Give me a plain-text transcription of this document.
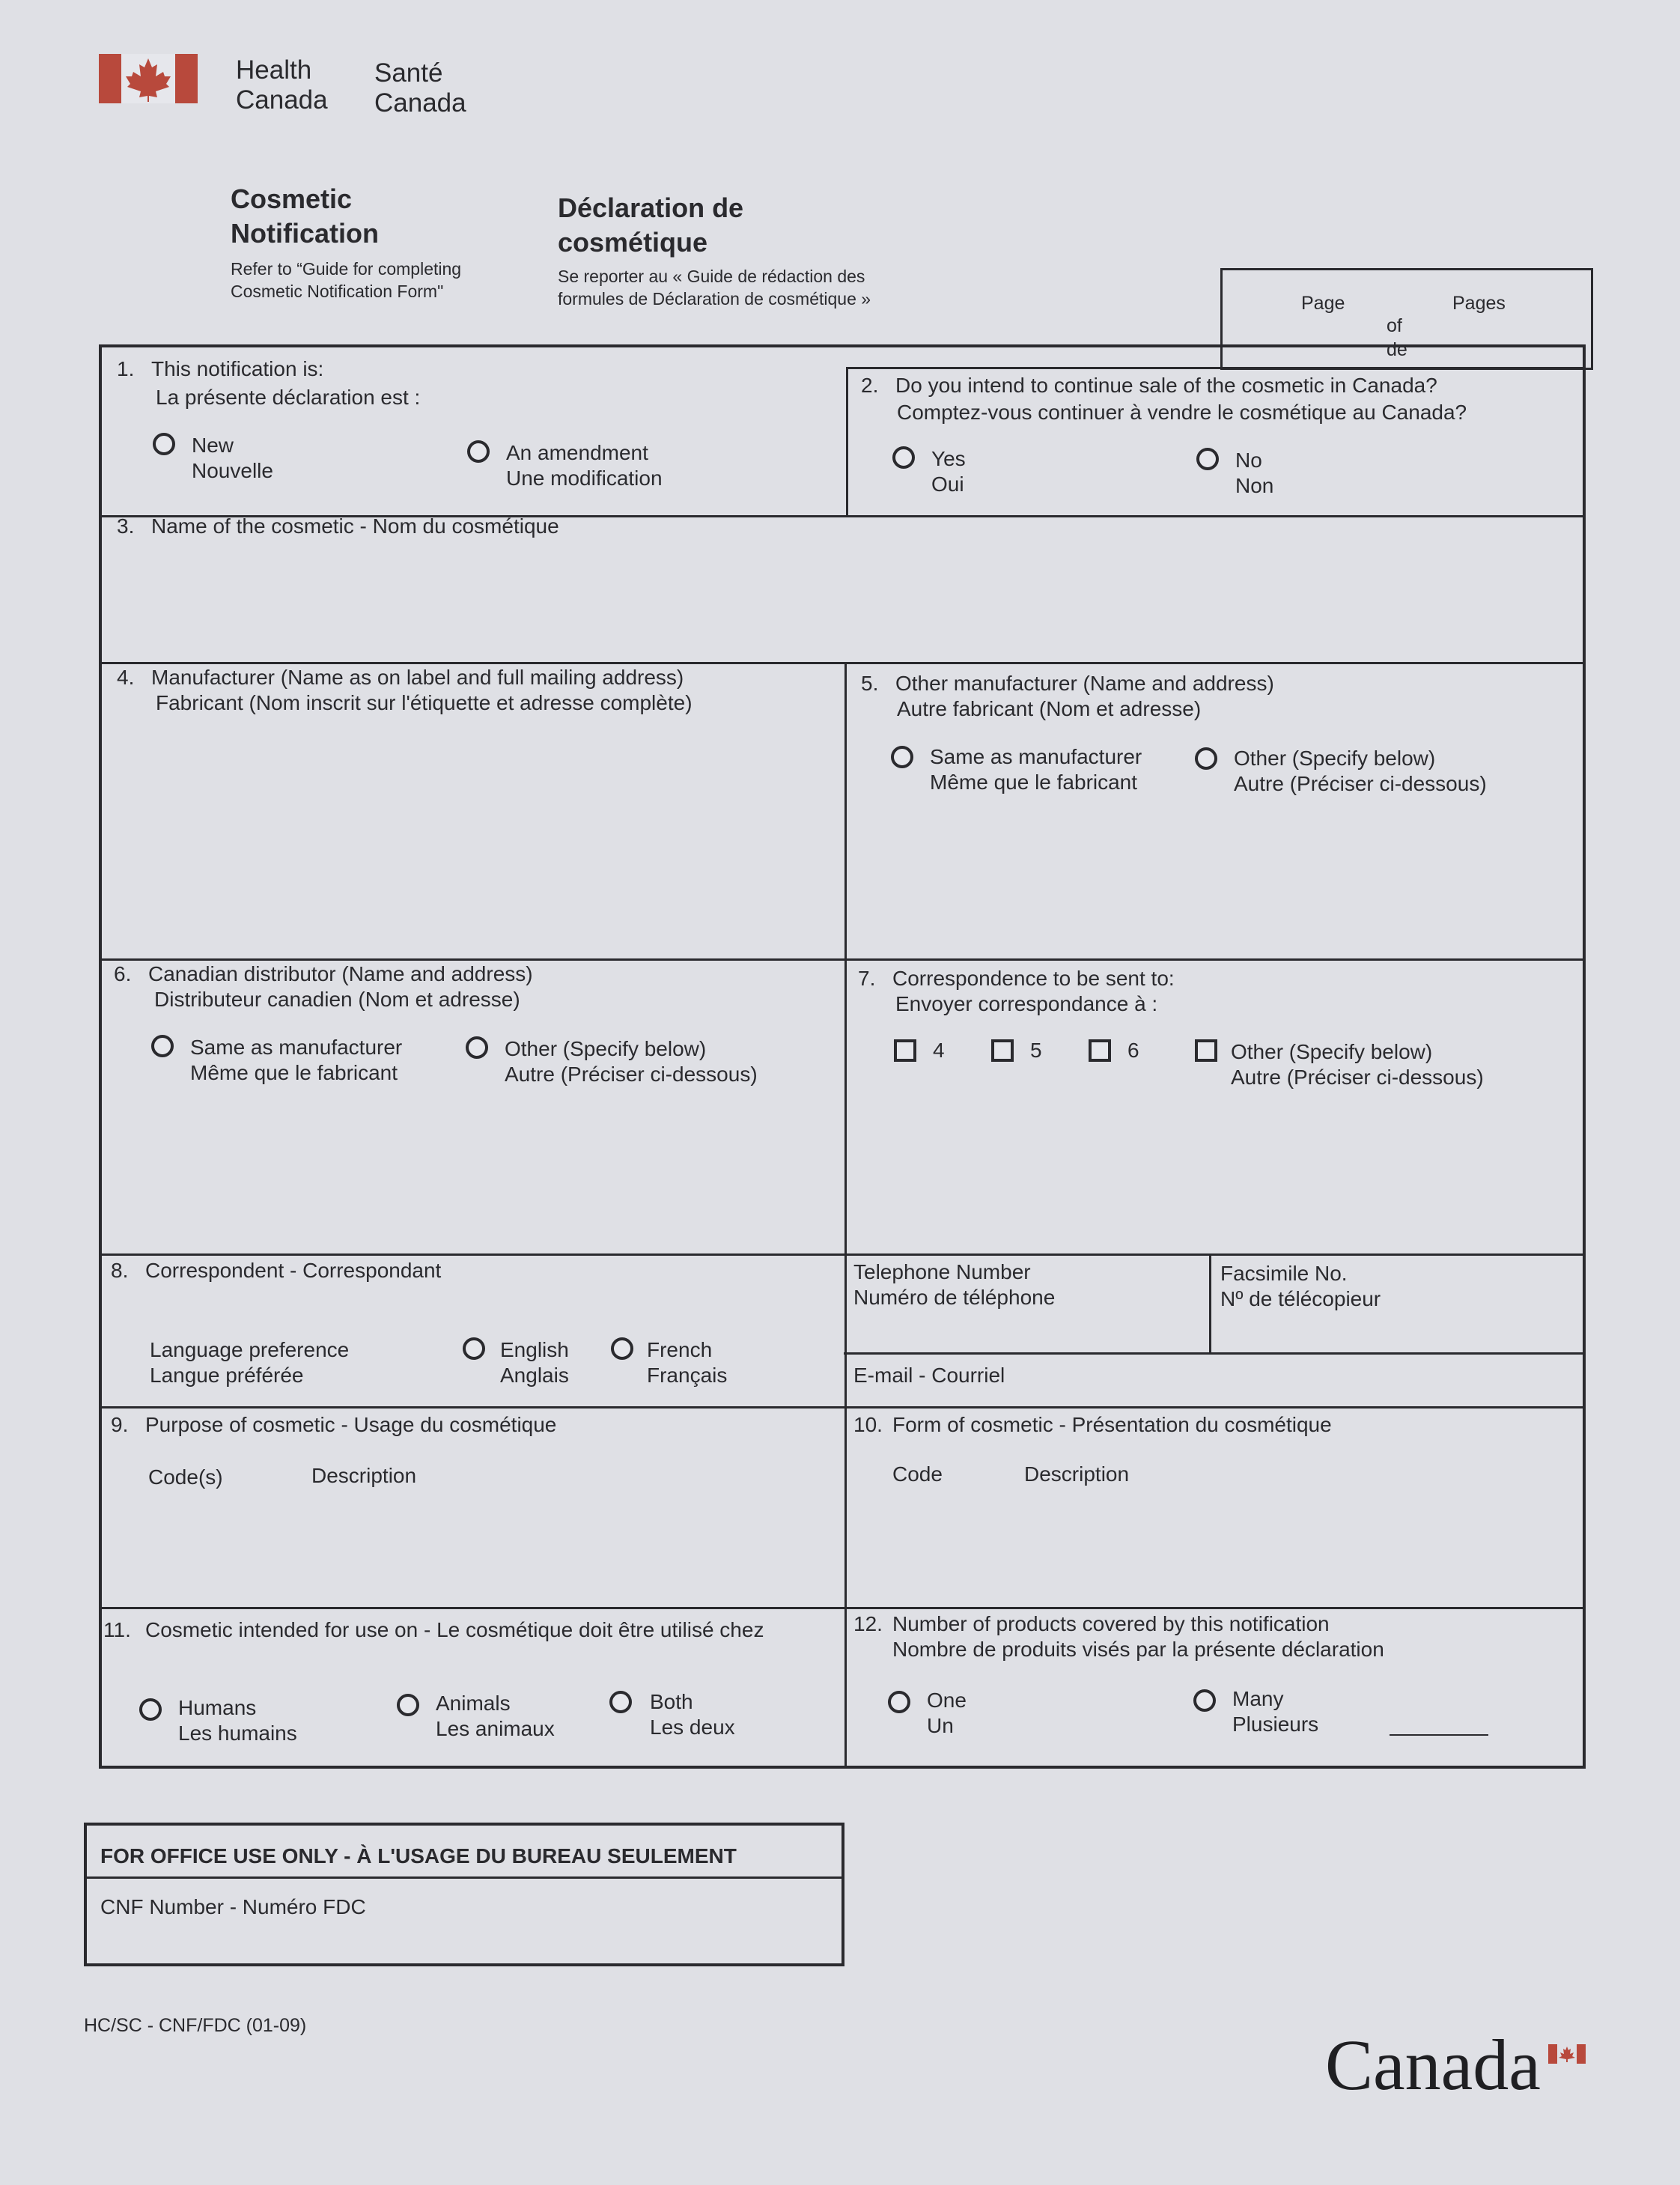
Health
Canada
Santé
Canada
Cosmetic
Notification
Refer to “Guide for completing
Cosmetic Notification Form"
Déclaration de
cosmétique
Se reporter au « Guide de rédaction des
formules de Déclaration de cosmétique »	Page	Pages
of
de
1. This notification is:
La présente déclaration est :
New
Nouvelle
An amendment
Une modification
2. Do you intend to continue sale of the cosmetic in Canada?
Comptez-vous continuer à vendre le cosmétique au Canada?
Yes
Oui
No
Non
3. Name of the cosmetic - Nom du cosmétique
4. Manufacturer (Name as on label and full mailing address)
Fabricant (Nom inscrit sur l'étiquette et adresse complète)
5. Other manufacturer (Name and address)
Autre fabricant (Nom et adresse)
Same as manufacturer
Même que le fabricant
Other (Specify below)
Autre (Préciser ci-dessous)
6. Canadian distributor (Name and address)
Distributeur canadien (Nom et adresse)
Same as manufacturer
Même que le fabricant
Other (Specify below)
Autre (Préciser ci-dessous)
7. Correspondence to be sent to:
Envoyer correspondance à :
4	5	6	Other (Specify below)
Autre (Préciser ci-dessous)
8. Correspondent - Correspondant
Language preference
Langue préférée
English
Anglais
French
Français
Telephone Number
Numéro de téléphone
Facsimile No.
Nº de télécopieur
E-mail - Courriel
9. Purpose of cosmetic - Usage du cosmétique
Code(s)	Description
10. Form of cosmetic - Présentation du cosmétique
Code	Description
11. Cosmetic intended for use on - Le cosmétique doit être utilisé chez
Humans
Les humains
Animals
Les animaux
Both
Les deux
12. Number of products covered by this notification
Nombre de produits visés par la présente déclaration
One
Un
Many
Plusieurs
FOR OFFICE USE ONLY - À L'USAGE DU BUREAU SEULEMENT
CNF Number - Numéro FDC
HC/SC - CNF/FDC (01-09)	Canada
